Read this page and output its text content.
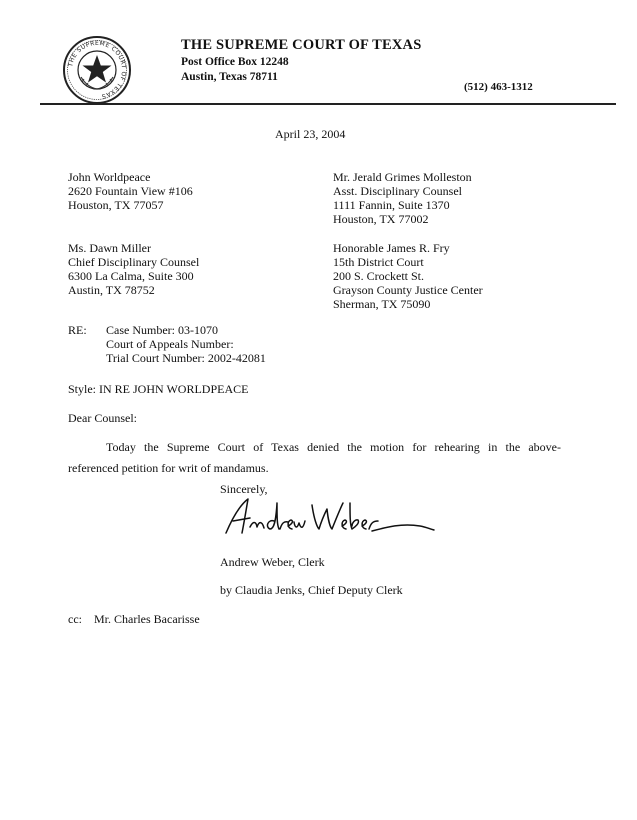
THE SUPREME COURT OF TEXAS
THE SUPREME COURT OF TEXAS
Post Office Box 12248
Austin, Texas 78711
(512) 463-1312
April 23, 2004
John Worldpeace
2620 Fountain View #106
Houston, TX 77057
Mr. Jerald Grimes Molleston
Asst. Disciplinary Counsel
1111 Fannin, Suite 1370
Houston, TX 77002
Ms. Dawn Miller
Chief Disciplinary Counsel
6300 La Calma, Suite 300
Austin, TX 78752
Honorable James R. Fry
15th District Court
200 S. Crockett St.
Grayson County Justice Center
Sherman, TX 75090
RE: Case Number: 03-1070
Court of Appeals Number:
Trial Court Number: 2002-42081
Style: IN RE JOHN WORLDPEACE
Dear Counsel:
Today the Supreme Court of Texas denied the motion for rehearing in the above-
referenced petition for writ of mandamus.
Sincerely,
Andrew Weber, Clerk
by Claudia Jenks, Chief Deputy Clerk
cc: Mr. Charles Bacarisse
